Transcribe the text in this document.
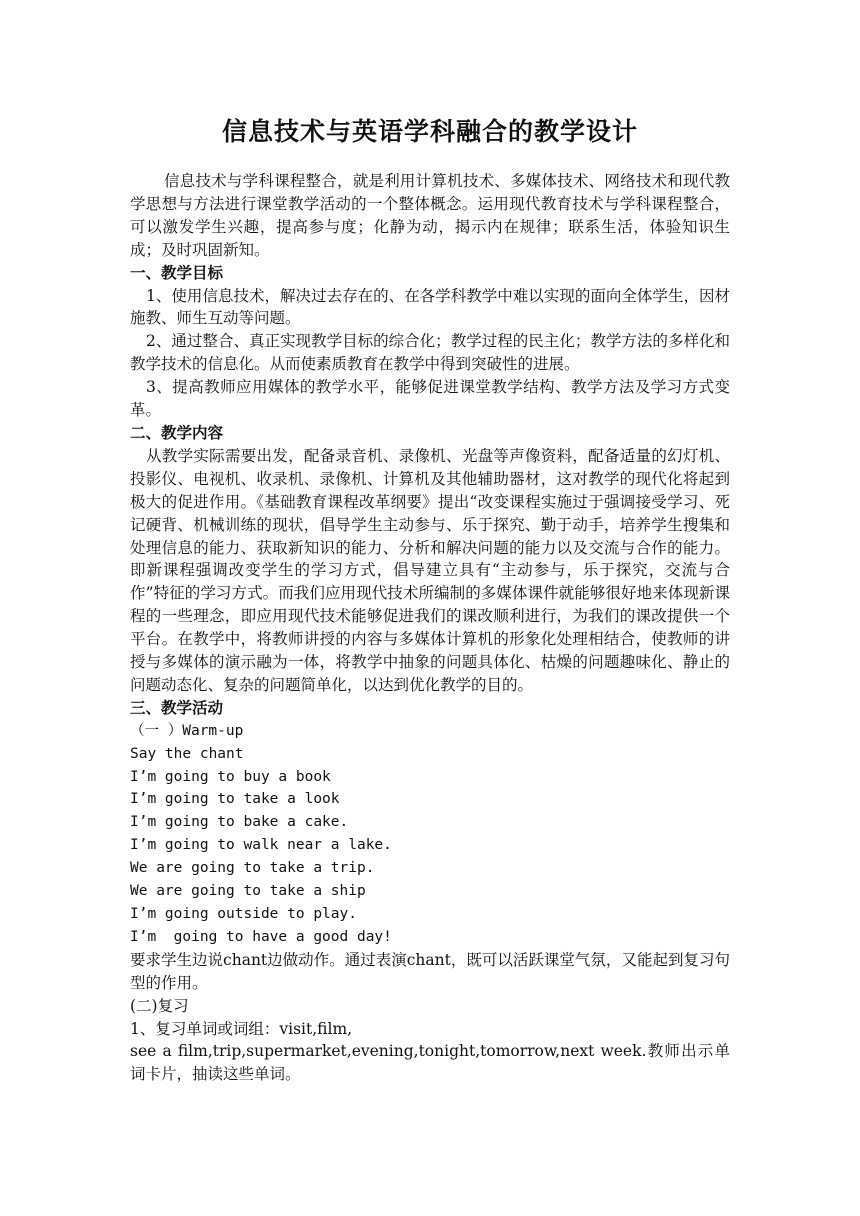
信息技术与英语学科融合的教学设计

信息技术与学科课程整合，就是利用计算机技术、多媒体技术、网络技术和现代教学思想与方法进行课堂教学活动的一个整体概念。运用现代教育技术与学科课程整合，可以激发学生兴趣，提高参与度；化静为动，揭示内在规律；联系生活，体验知识生成；及时巩固新知。

一、教学目标

1、使用信息技术，解决过去存在的、在各学科教学中难以实现的面向全体学生，因材施教、师生互动等问题。

2、通过整合、真正实现教学目标的综合化；教学过程的民主化；教学方法的多样化和教学技术的信息化。从而使素质教育在教学中得到突破性的进展。

3、提高教师应用媒体的教学水平，能够促进课堂教学结构、教学方法及学习方式变革。

二、教学内容

从教学实际需要出发，配备录音机、录像机、光盘等声像资料，配备适量的幻灯机、投影仪、电视机、收录机、录像机、计算机及其他辅助器材，这对教学的现代化将起到极大的促进作用。《基础教育课程改革纲要》提出“改变课程实施过于强调接受学习、死记硬背、机械训练的现状，倡导学生主动参与、乐于探究、勤于动手，培养学生搜集和处理信息的能力、获取新知识的能力、分析和解决问题的能力以及交流与合作的能力。即新课程强调改变学生的学习方式，倡导建立具有“主动参与，乐于探究，交流与合作”特征的学习方式。而我们应用现代技术所编制的多媒体课件就能够很好地来体现新课程的一些理念，即应用现代技术能够促进我们的课改顺利进行，为我们的课改提供一个平台。在教学中，将教师讲授的内容与多媒体计算机的形象化处理相结合，使教师的讲授与多媒体的演示融为一体，将教学中抽象的问题具体化、枯燥的问题趣味化、静止的问题动态化、复杂的问题简单化，以达到优化教学的目的。

三、教学活动

（一 ）Warm-up

Say the chant

I’m going to buy a book

I’m going to take a look

I’m going to bake a cake.

I’m going to walk near a lake.

We are going to take a trip.

We are going to take a ship

I’m going outside to play.

I’m  going to have a good day!

要求学生边说chant边做动作。通过表演chant，既可以活跃课堂气氛，又能起到复习句型的作用。

(二)复习

1、复习单词或词组：visit,film,

see a film,trip,supermarket,evening,tonight,tomorrow,next week.教师出示单词卡片，抽读这些单词。
